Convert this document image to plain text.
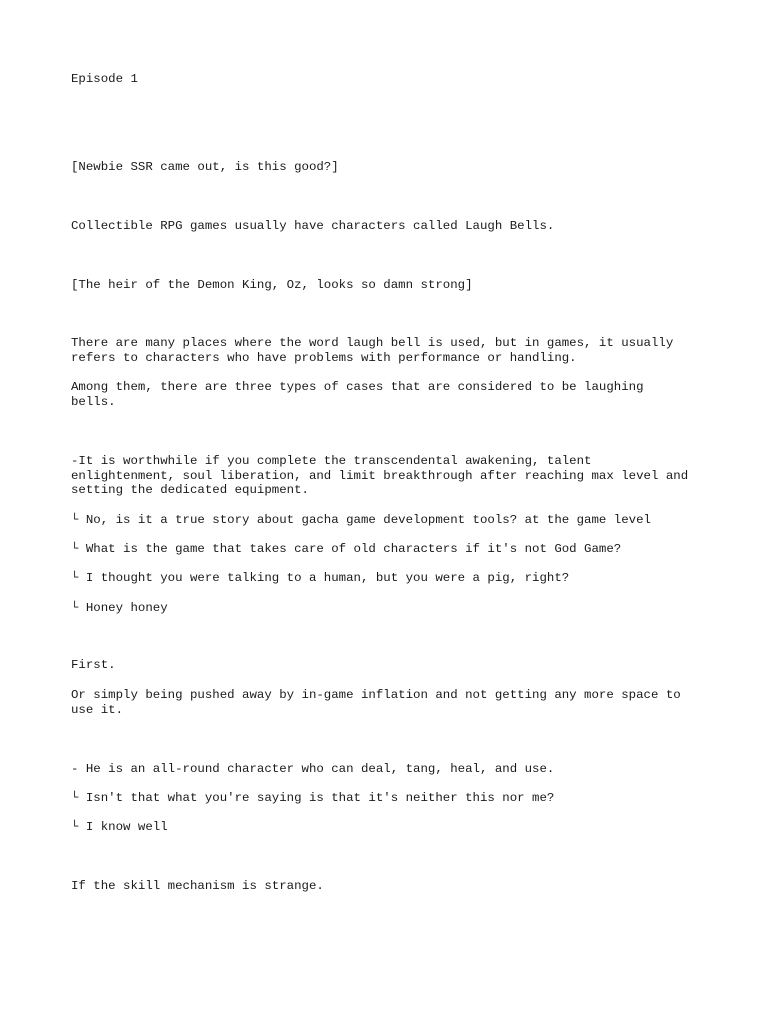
Episode 1

[Newbie SSR came out, is this good?]

Collectible RPG games usually have characters called Laugh Bells.

[The heir of the Demon King, Oz, looks so damn strong]

There are many places where the word laugh bell is used, but in games, it usually
refers to characters who have problems with performance or handling.

Among them, there are three types of cases that are considered to be laughing
bells.

-It is worthwhile if you complete the transcendental awakening, talent
enlightenment, soul liberation, and limit breakthrough after reaching max level and
setting the dedicated equipment.

└ No, is it a true story about gacha game development tools? at the game level

└ What is the game that takes care of old characters if it's not God Game?

└ I thought you were talking to a human, but you were a pig, right?

└ Honey honey

First.

Or simply being pushed away by in-game inflation and not getting any more space to
use it.

- He is an all-round character who can deal, tang, heal, and use.

└ Isn't that what you're saying is that it's neither this nor me?

└ I know well

If the skill mechanism is strange.
